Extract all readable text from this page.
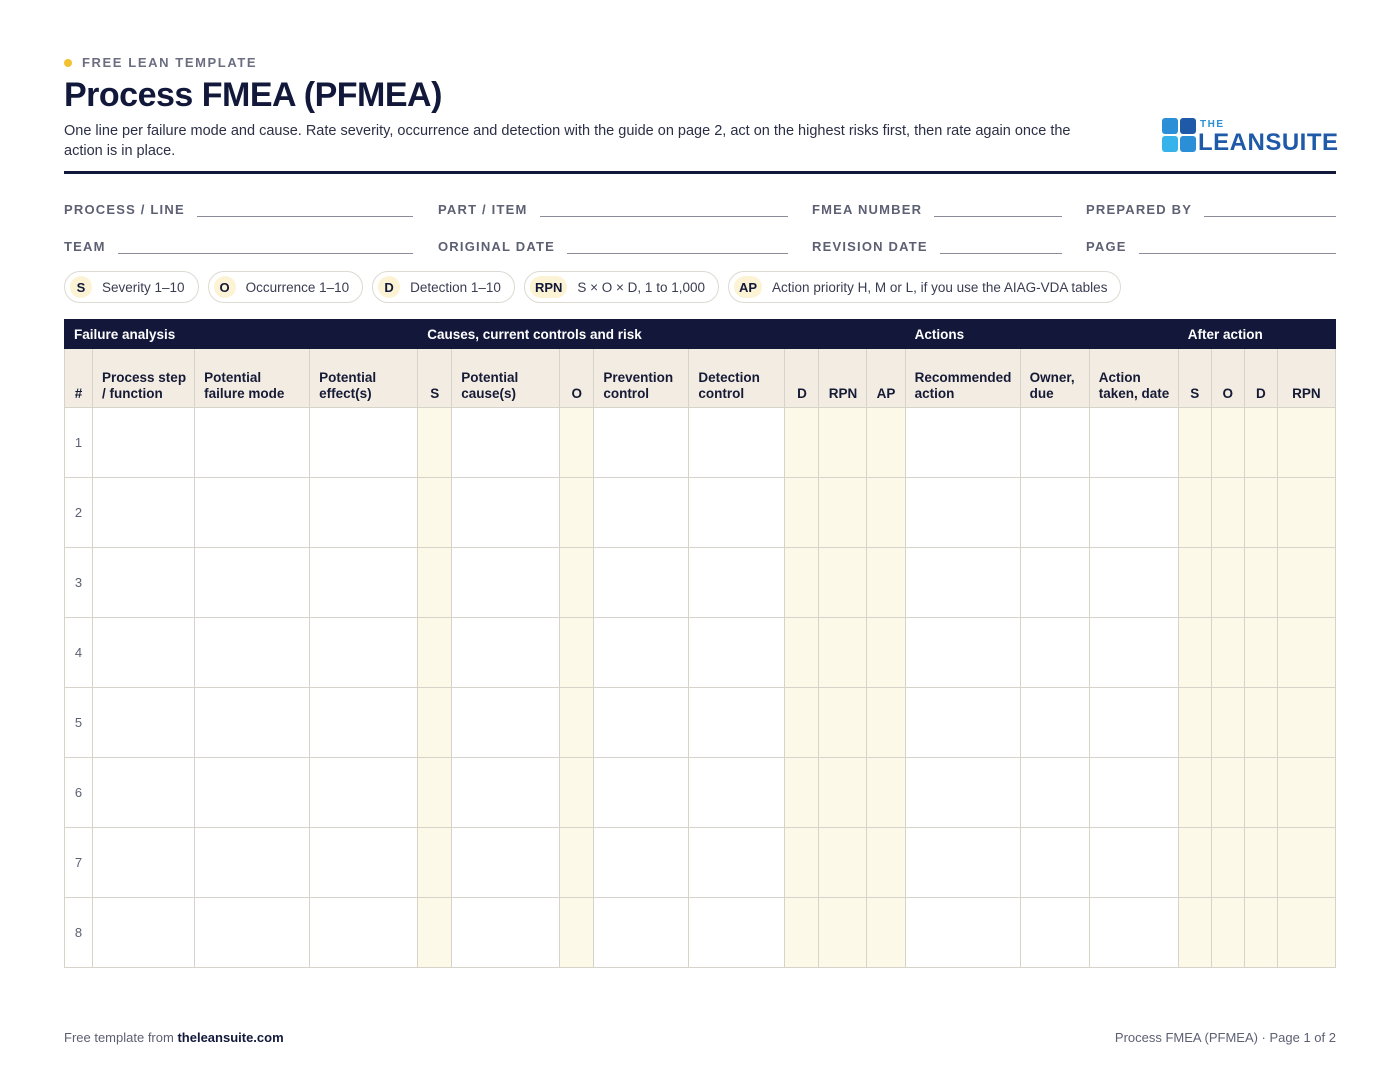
FREE LEAN TEMPLATE
Process FMEA (PFMEA)

One line per failure mode and cause. Rate severity, occurrence and detection with the guide on page 2, act on the highest risks first, then rate again once the action is in place.

THE
LEANSUITE
PROCESS / LINE	PART / ITEM	FMEA NUMBER	PREPARED BY
TEAM	ORIGINAL DATE	REVISION DATE	PAGE
S	Severity 1–10	O	Occurrence 1–10	D	Detection 1–10	RPN	S × O × D, 1 to 1,000	AP	Action priority H, M or L, if you use the AIAG-VDA tables
Failure analysis				Causes, current controls and risk								Actions			After action			
#	Process step / function	Potential failure mode	Potential effect(s)	S	Potential cause(s)	O	Prevention control	Detection control	D	RPN	AP	Recommended action	Owner, due	Action taken, date	S	O	D	RPN
1																		
2																		
3																		
4																		
5																		
6																		
7																		
8																		
Free template from theleansuite.com	Process FMEA (PFMEA) · Page 1 of 2
